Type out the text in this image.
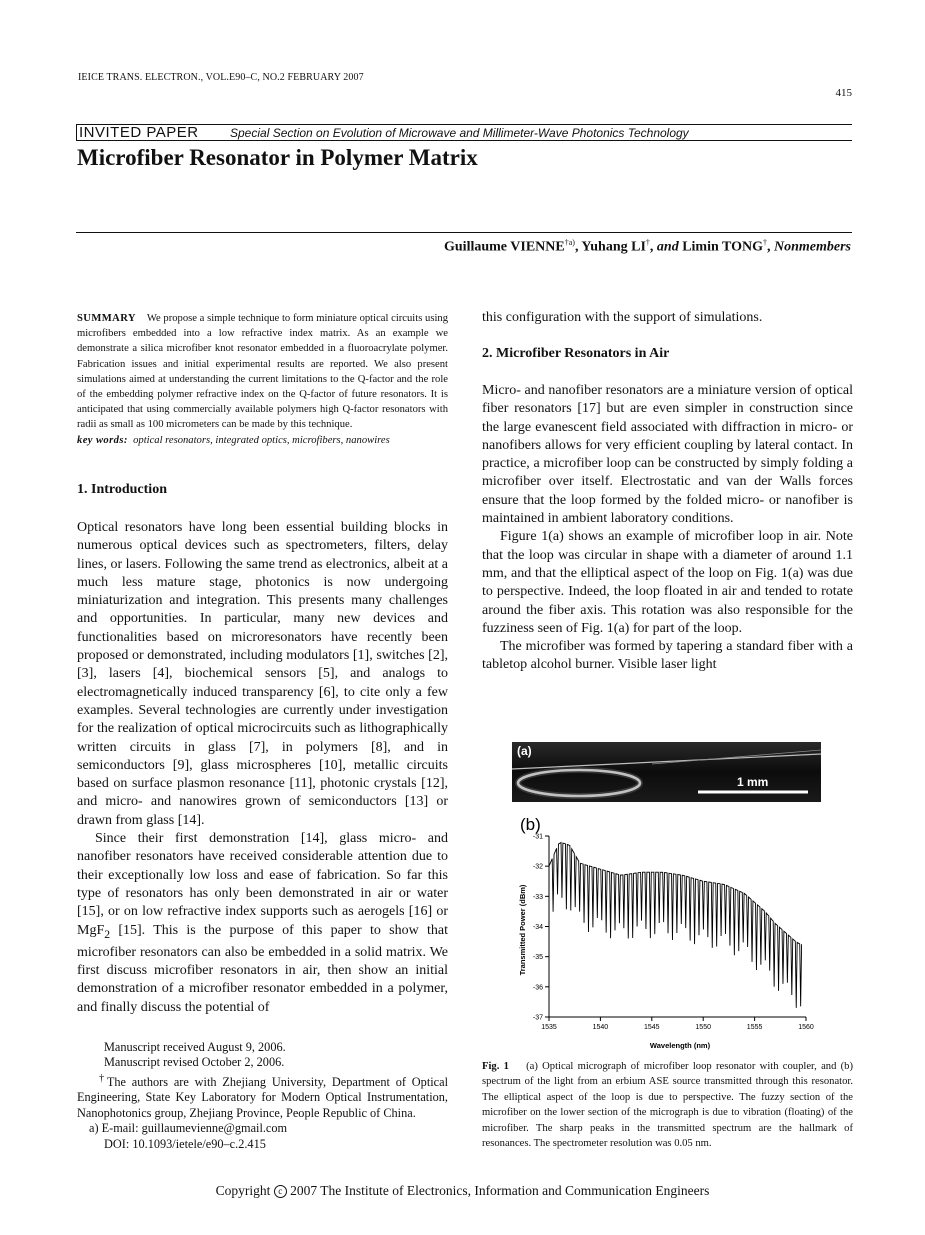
IEICE TRANS. ELECTRON., VOL.E90–C, NO.2 FEBRUARY 2007
415
INVITED PAPER	Special Section on Evolution of Microwave and Millimeter-Wave Photonics Technology
Microfiber Resonator in Polymer Matrix
Guillaume VIENNE$^{\dagger a)}$, Yuhang LI†, and Limin TONG†, Nonmembers
SUMMARY We propose a simple technique to form miniature optical circuits using microfibers embedded into a low refractive index matrix. As an example we demonstrate a silica microfiber knot resonator embedded in a fluoroacrylate polymer. Fabrication issues and initial experimental results are reported. We also present simulations aimed at understanding the current limitations to the Q-factor and the role of the embedding polymer refractive index on the Q-factor of future resonators. It is anticipated that using commercially available polymers high Q-factor resonators with radii as small as 100 micrometers can be made by this technique.
key words: optical resonators, integrated optics, microfibers, nanowires
1. Introduction

Optical resonators have long been essential building blocks in numerous optical devices such as spectrometers, filters, delay lines, or lasers. Following the same trend as electronics, albeit at a much less mature stage, photonics is now undergoing miniaturization and integration. This presents many challenges and opportunities. In particular, many new devices and functionalities based on microresonators have recently been proposed or demonstrated, including modulators [1], switches [2], [3], lasers [4], biochemical sensors [5], and analogs to electromagnetically induced transparency [6], to cite only a few examples. Several technologies are currently under investigation for the realization of optical microcircuits such as lithographically written circuits in glass [7], in polymers [8], and in semiconductors [9], glass microspheres [10], metallic circuits based on surface plasmon resonance [11], photonic crystals [12], and micro- and nanowires grown of semiconductors [13] or drawn from glass [14].

Since their first demonstration [14], glass micro- and nanofiber resonators have received considerable attention due to their exceptionally low loss and ease of fabrication. So far this type of resonators has only been demonstrated in air or water [15], or on low refractive index supports such as aerogels [16] or MgF$_2$ [15]. This is the purpose of this paper to show that microfiber resonators can also be embedded in a solid matrix. We first discuss microfiber resonators in air, then show an initial demonstration of a microfiber resonator embedded in a polymer, and finally discuss the potential of

Manuscript received August 9, 2006.

Manuscript revised October 2, 2006.

†The authors are with Zhejiang University, Department of Optical Engineering, State Key Laboratory for Modern Optical Instrumentation, Nanophotonics group, Zhejiang Province, People Republic of China.

a) E-mail: guillaumevienne@gmail.com

DOI: 10.1093/ietele/e90–c.2.415

this configuration with the support of simulations.
2. Microfiber Resonators in Air

Micro- and nanofiber resonators are a miniature version of optical fiber resonators [17] but are even simpler in construction since the large evanescent field associated with diffraction in micro- or nanofibers allows for very efficient coupling by lateral contact. In practice, a microfiber loop can be constructed by simply folding a microfiber over itself. Electrostatic and van der Walls forces ensure that the loop formed by the folded micro- or nanofiber is maintained in ambient laboratory conditions.

Figure 1(a) shows an example of microfiber loop in air. Note that the loop was circular in shape with a diameter of around 1.1 mm, and that the elliptical aspect of the loop on Fig. 1(a) was due to perspective. Indeed, the loop floated in air and tended to rotate around the fiber axis. This rotation was also responsible for the fuzziness seen of Fig. 1(a) for part of the loop.

The microfiber was formed by tapering a standard fiber with a tabletop alcohol burner. Visible laser light

(a)
1 mm
(b)
-31
-32
-33
-34
-35
-36
-37
1535	1540	1545	1550	1555	1560
Wavelength (nm)
Transmitted Power (dBm)
Fig. 1 (a) Optical micrograph of microfiber loop resonator with coupler, and (b) spectrum of the light from an erbium ASE source transmitted through this resonator. The elliptical aspect of the loop is due to perspective. The fuzzy section of the microfiber on the lower section of the micrograph is due to vibration (floating) of the microfiber. The sharp peaks in the transmitted spectrum are the hallmark of resonances. The spectrometer resolution was 0.05 nm.
Copyright c 2007 The Institute of Electronics, Information and Communication Engineers
